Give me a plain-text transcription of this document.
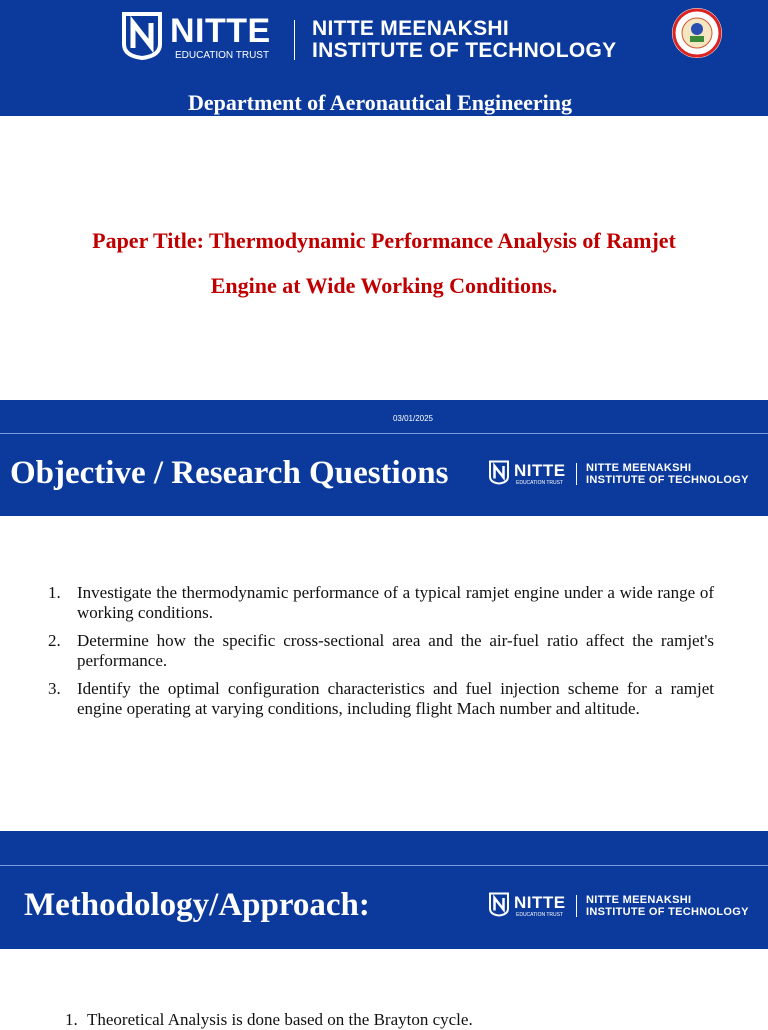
NITTE
EDUCATION TRUST
NITTE MEENAKSHI
INSTITUTE OF TECHNOLOGY
Department of Aeronautical Engineering

Paper Title: Thermodynamic Performance Analysis of Ramjet
Engine at Wide Working Conditions.

03/01/2025
Objective / Research Questions	NITTE
EDUCATION TRUST
NITTE MEENAKSHI
INSTITUTE OF TECHNOLOGY
1. Investigate the thermodynamic performance of a typical ramjet engine under a wide range of working conditions.
2. Determine how the specific cross-sectional area and the air-fuel ratio affect the ramjet's performance.
3. Identify the optimal configuration characteristics and fuel injection scheme for a ramjet engine operating at varying conditions, including flight Mach number and altitude.
Methodology/Approach:	NITTE
EDUCATION TRUST
NITTE MEENAKSHI
INSTITUTE OF TECHNOLOGY
1. Theoretical Analysis is done based on the Brayton cycle.
